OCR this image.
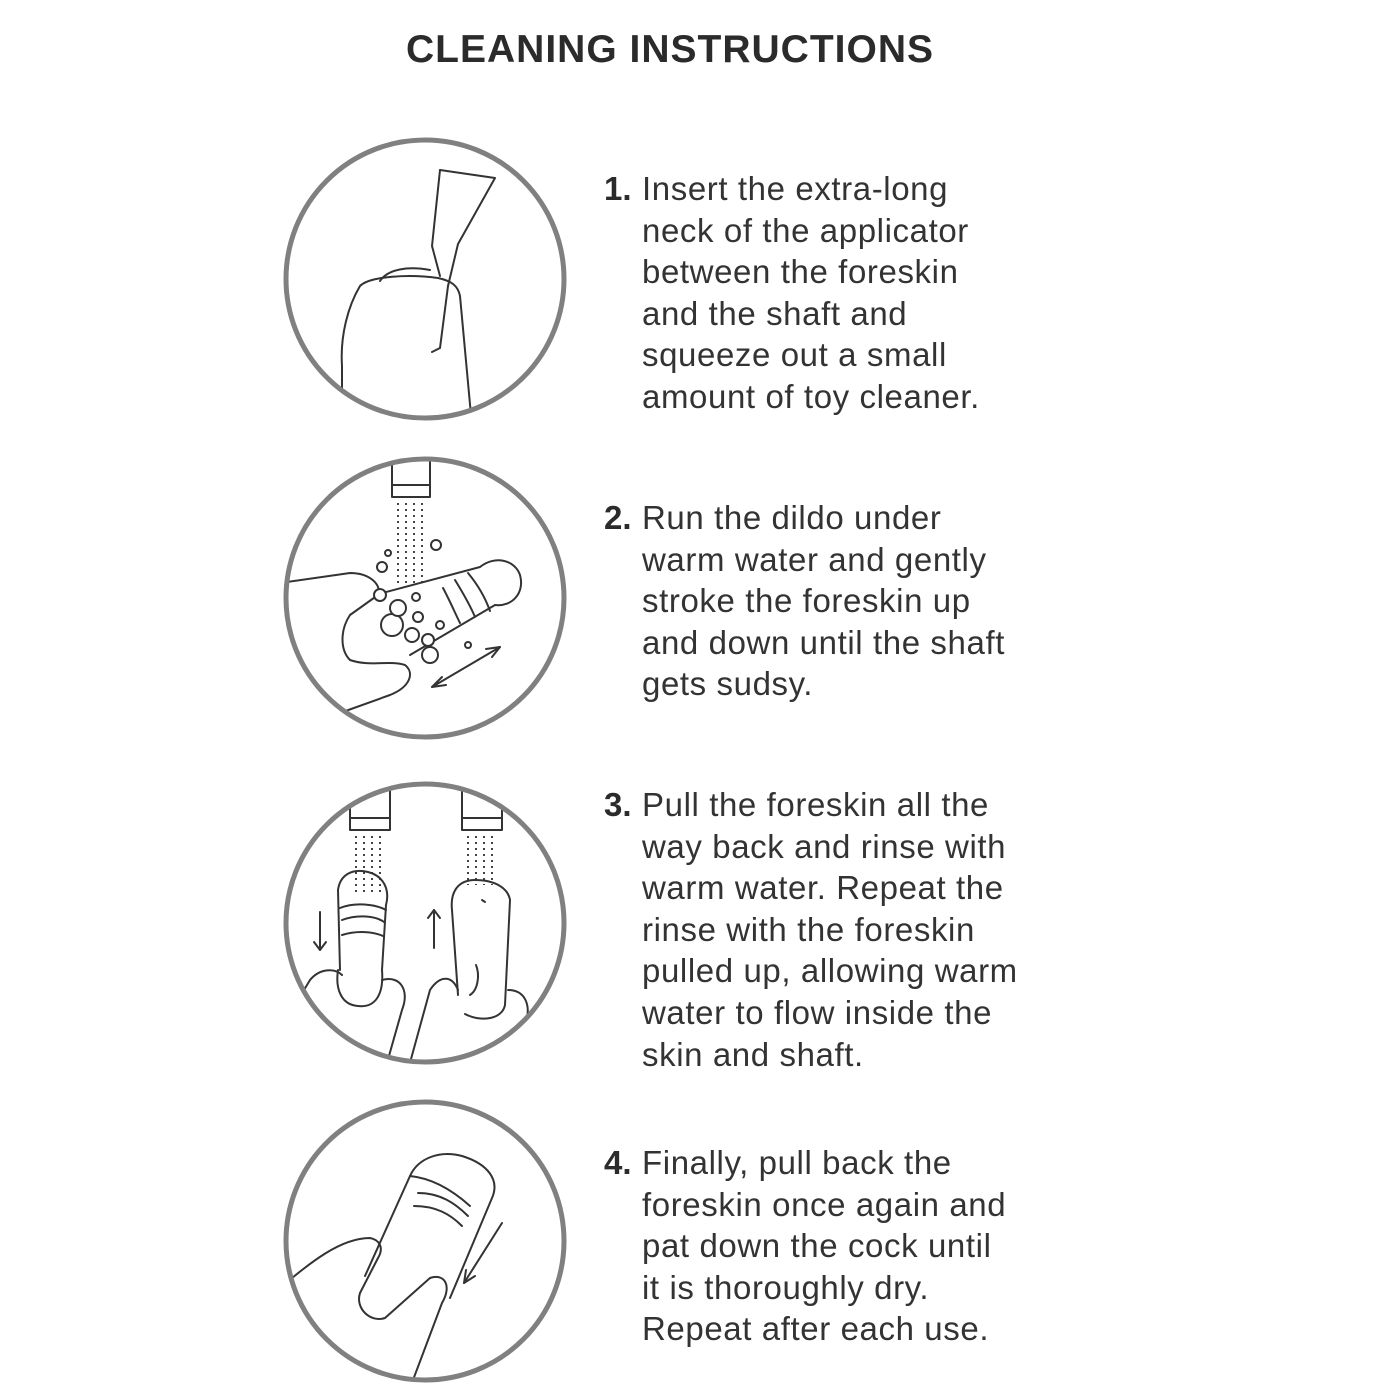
CLEANING INSTRUCTIONS
1. Insert the extra-long
neck of the applicator
between the foreskin
and the shaft and
squeeze out a small
amount of toy cleaner.
2. Run the dildo under
warm water and gently
stroke the foreskin up
and down until the shaft
gets sudsy.
3. Pull the foreskin all the
way back and rinse with
warm water. Repeat the
rinse with the foreskin
pulled up, allowing warm
water to flow inside the
skin and shaft.
4. Finally, pull back the
foreskin once again and
pat down the cock until
it is thoroughly dry.
Repeat after each use.
